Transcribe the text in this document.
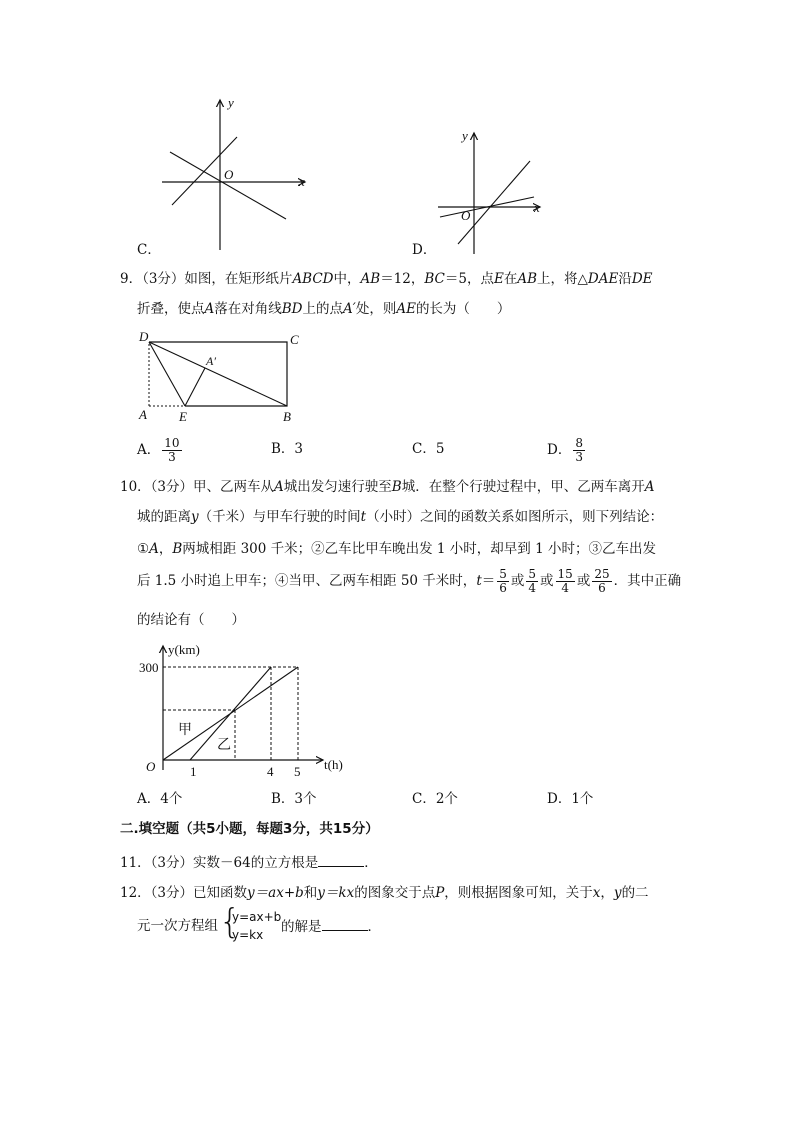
y
x
O
C．
y
x
O
D．
9．（3分）如图，在矩形纸片ABCD中，AB＝12，BC＝5，点E在AB上，将△DAE沿DE
折叠，使点A落在对角线BD上的点A′处，则AE的长为（　　）
D	C
A E	B
A′
A． $\frac{10}{3}$	B．3	C．5	D． $\frac{8}{3}$
10．（3分）甲、乙两车从A城出发匀速行驶至B城．在整个行驶过程中，甲、乙两车离开A
城的距离y（千米）与甲车行驶的时间t（小时）之间的函数关系如图所示，则下列结论：
①A，B两城相距 300 千米；②乙车比甲车晚出发 1 小时，却早到 1 小时；③乙车出发
后 1.5 小时追上甲车；④当甲、乙两车相距 50 千米时，$t= \frac{5}{6}$ 或 $\frac{5}{4}$ 或 $\frac{15}{4}$ 或 $\frac{25}{6}$ ．其中正确
的结论有（　　）
y(km)
t(h)
O
300
1	4 5
甲
乙
A．4个	B．3个	C．2个	D．1个
二.填空题（共5小题，每题3分，共15分）
11．（3分）实数－64的立方根是	．
12．（3分）已知函数y＝ax+b和y＝kx的图象交于点P，则根据图象可知，关于x，y的二
元一次方程组 {
y=ax+b
y=kx	的解是	．
